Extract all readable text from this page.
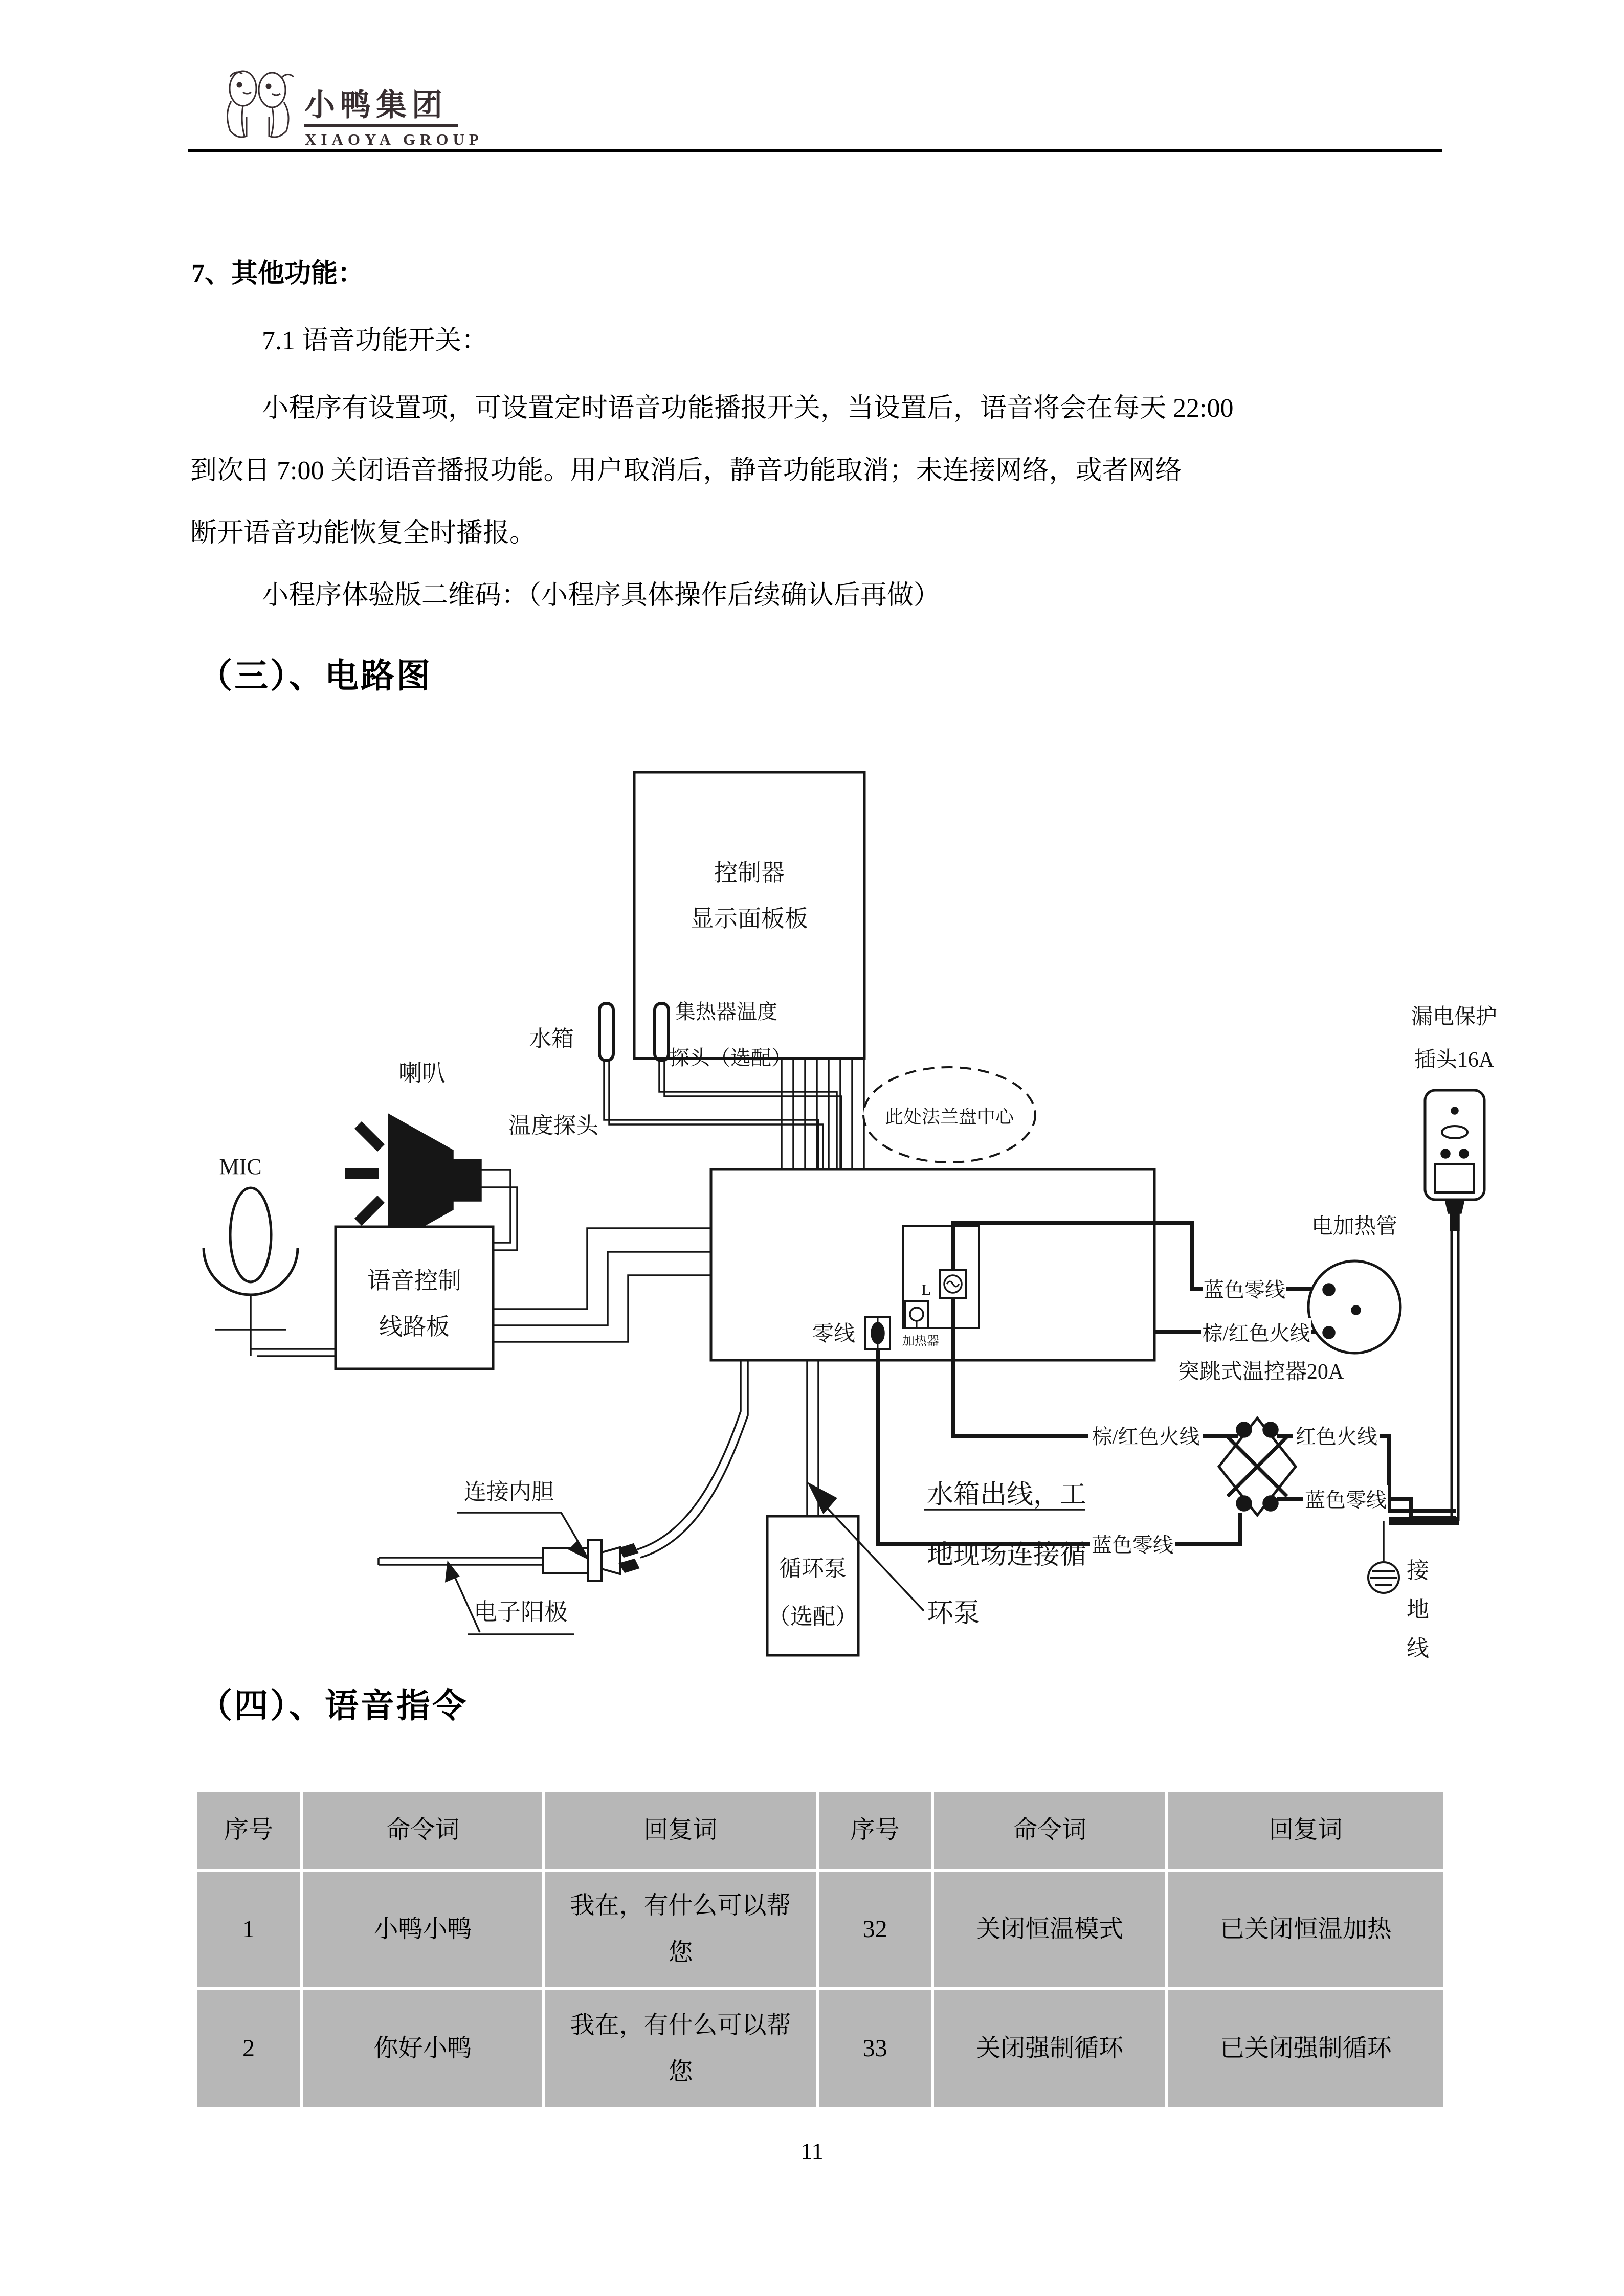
小鸭集团
XIAOYA GROUP
7、其他功能：
7.1 语音功能开关：
小程序有设置项，可设置定时语音功能播报开关，当设置后，语音将会在每天 22:00
到次日 7:00 关闭语音播报功能。用户取消后，静音功能取消；未连接网络，或者网络
断开语音功能恢复全时播报。
小程序体验版二维码：（小程序具体操作后续确认后再做）
（三）、电路图
控制器
显示面板板
水箱
温度探头
集热器温度
探头（选配）
喇叭
MIC
语音控制
线路板
此处法兰盘中心
漏电保护
插头16A
电加热管
蓝色零线
棕/红色火线
零线
L
加热器
棕/红色火线
突跳式温控器20A
红色火线
蓝色零线
蓝色零线
接
地
线
连接内胆
电子阳极
循环泵
（选配）
水箱出线，工
地现场连接循
环泵
（四）、语音指令
序号	命令词	回复词	序号	命令词	回复词
1	小鸭小鸭	我在，有什么可以帮您	32	关闭恒温模式	已关闭恒温加热
2	你好小鸭	我在，有什么可以帮您	33	关闭强制循环	已关闭强制循环
11
